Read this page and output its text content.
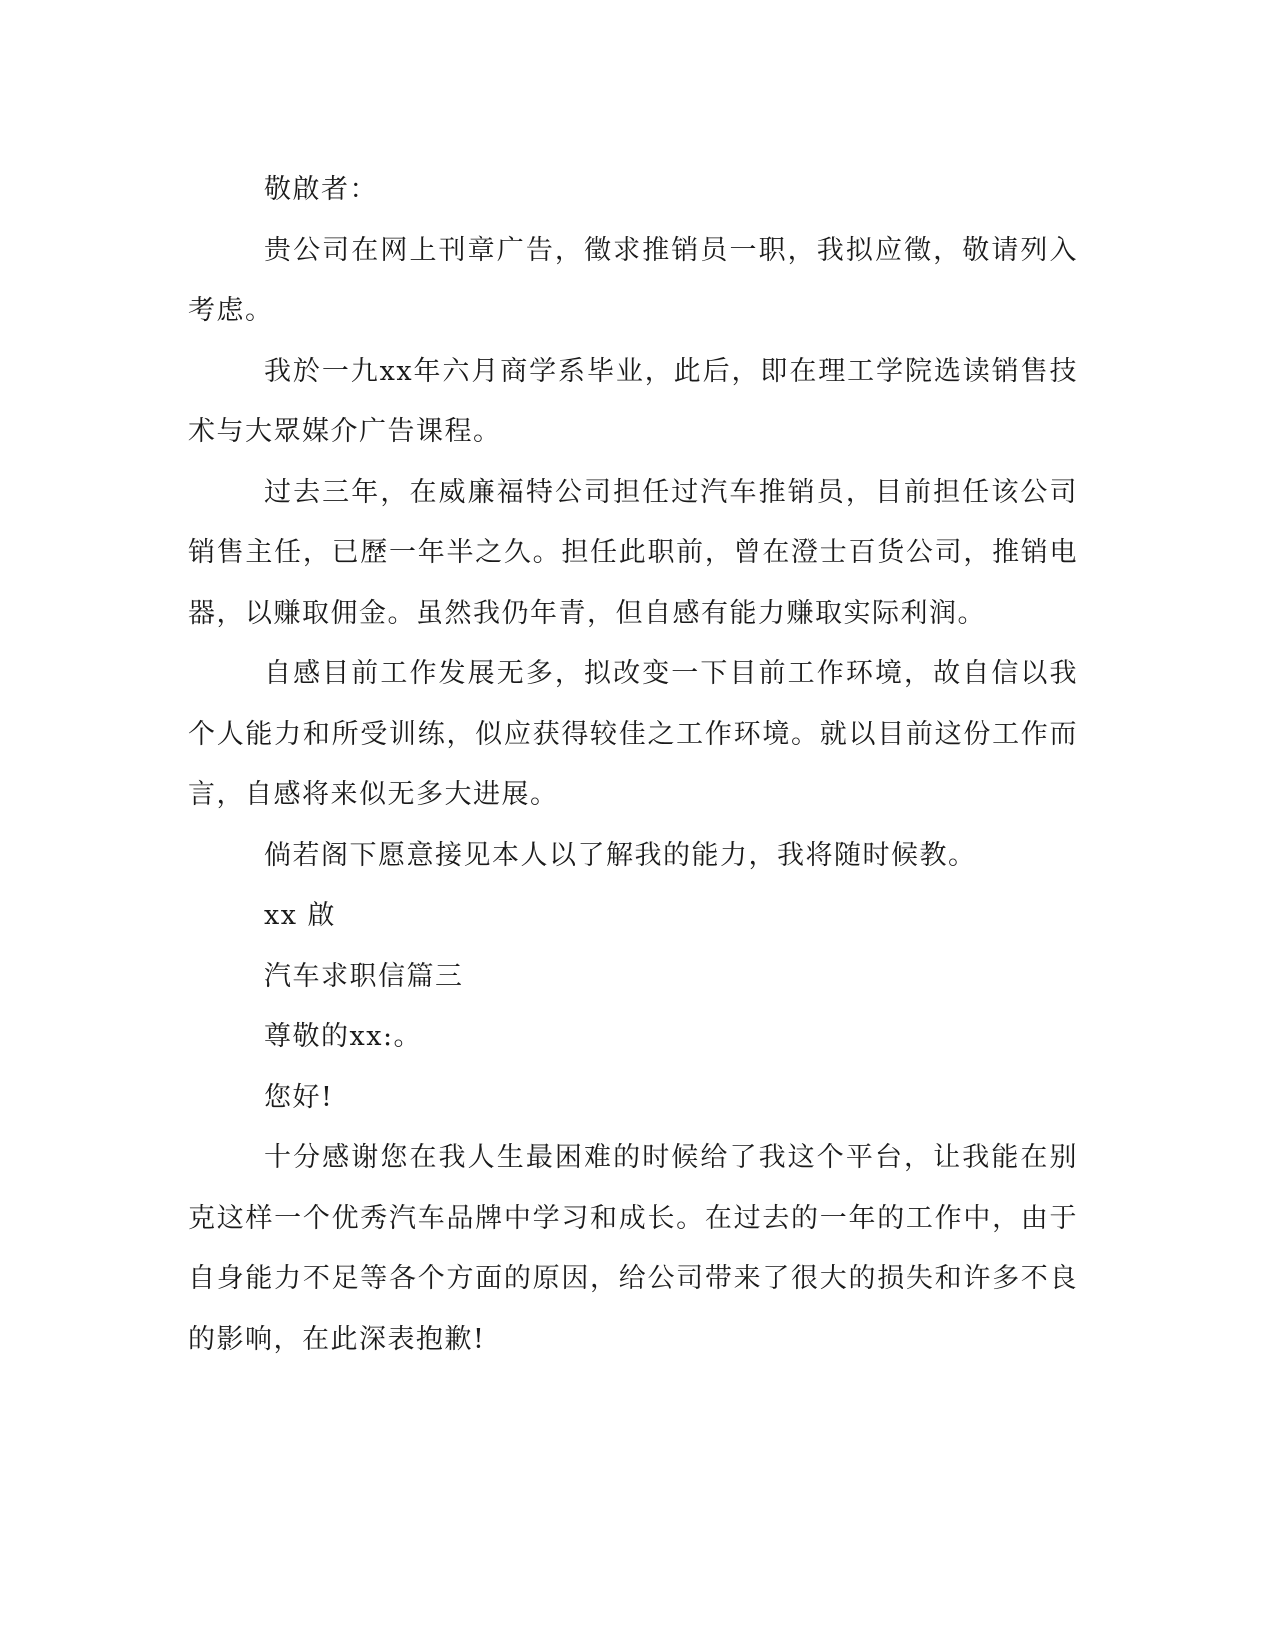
敬啟者：

贵公司在网上刊章广告，徵求推销员一职，我拟应徵，敬请列入考虑。

我於一九xx年六月商学系毕业，此后，即在理工学院选读销售技术与大眾媒介广告课程。

过去三年，在威廉福特公司担任过汽车推销员，目前担任该公司销售主任，已歷一年半之久。担任此职前，曾在澄士百货公司，推销电器，以赚取佣金。虽然我仍年青，但自感有能力赚取实际利润。

自感目前工作发展无多，拟改变一下目前工作环境，故自信以我个人能力和所受训练，似应获得较佳之工作环境。就以目前这份工作而言，自感将来似无多大进展。

倘若阁下愿意接见本人以了解我的能力，我将随时候教。

xx 啟

汽车求职信篇三

尊敬的xx:。

您好!

十分感谢您在我人生最困难的时候给了我这个平台，让我能在别克这样一个优秀汽车品牌中学习和成长。在过去的一年的工作中，由于自身能力不足等各个方面的原因，给公司带来了很大的损失和许多不良的影响，在此深表抱歉!
